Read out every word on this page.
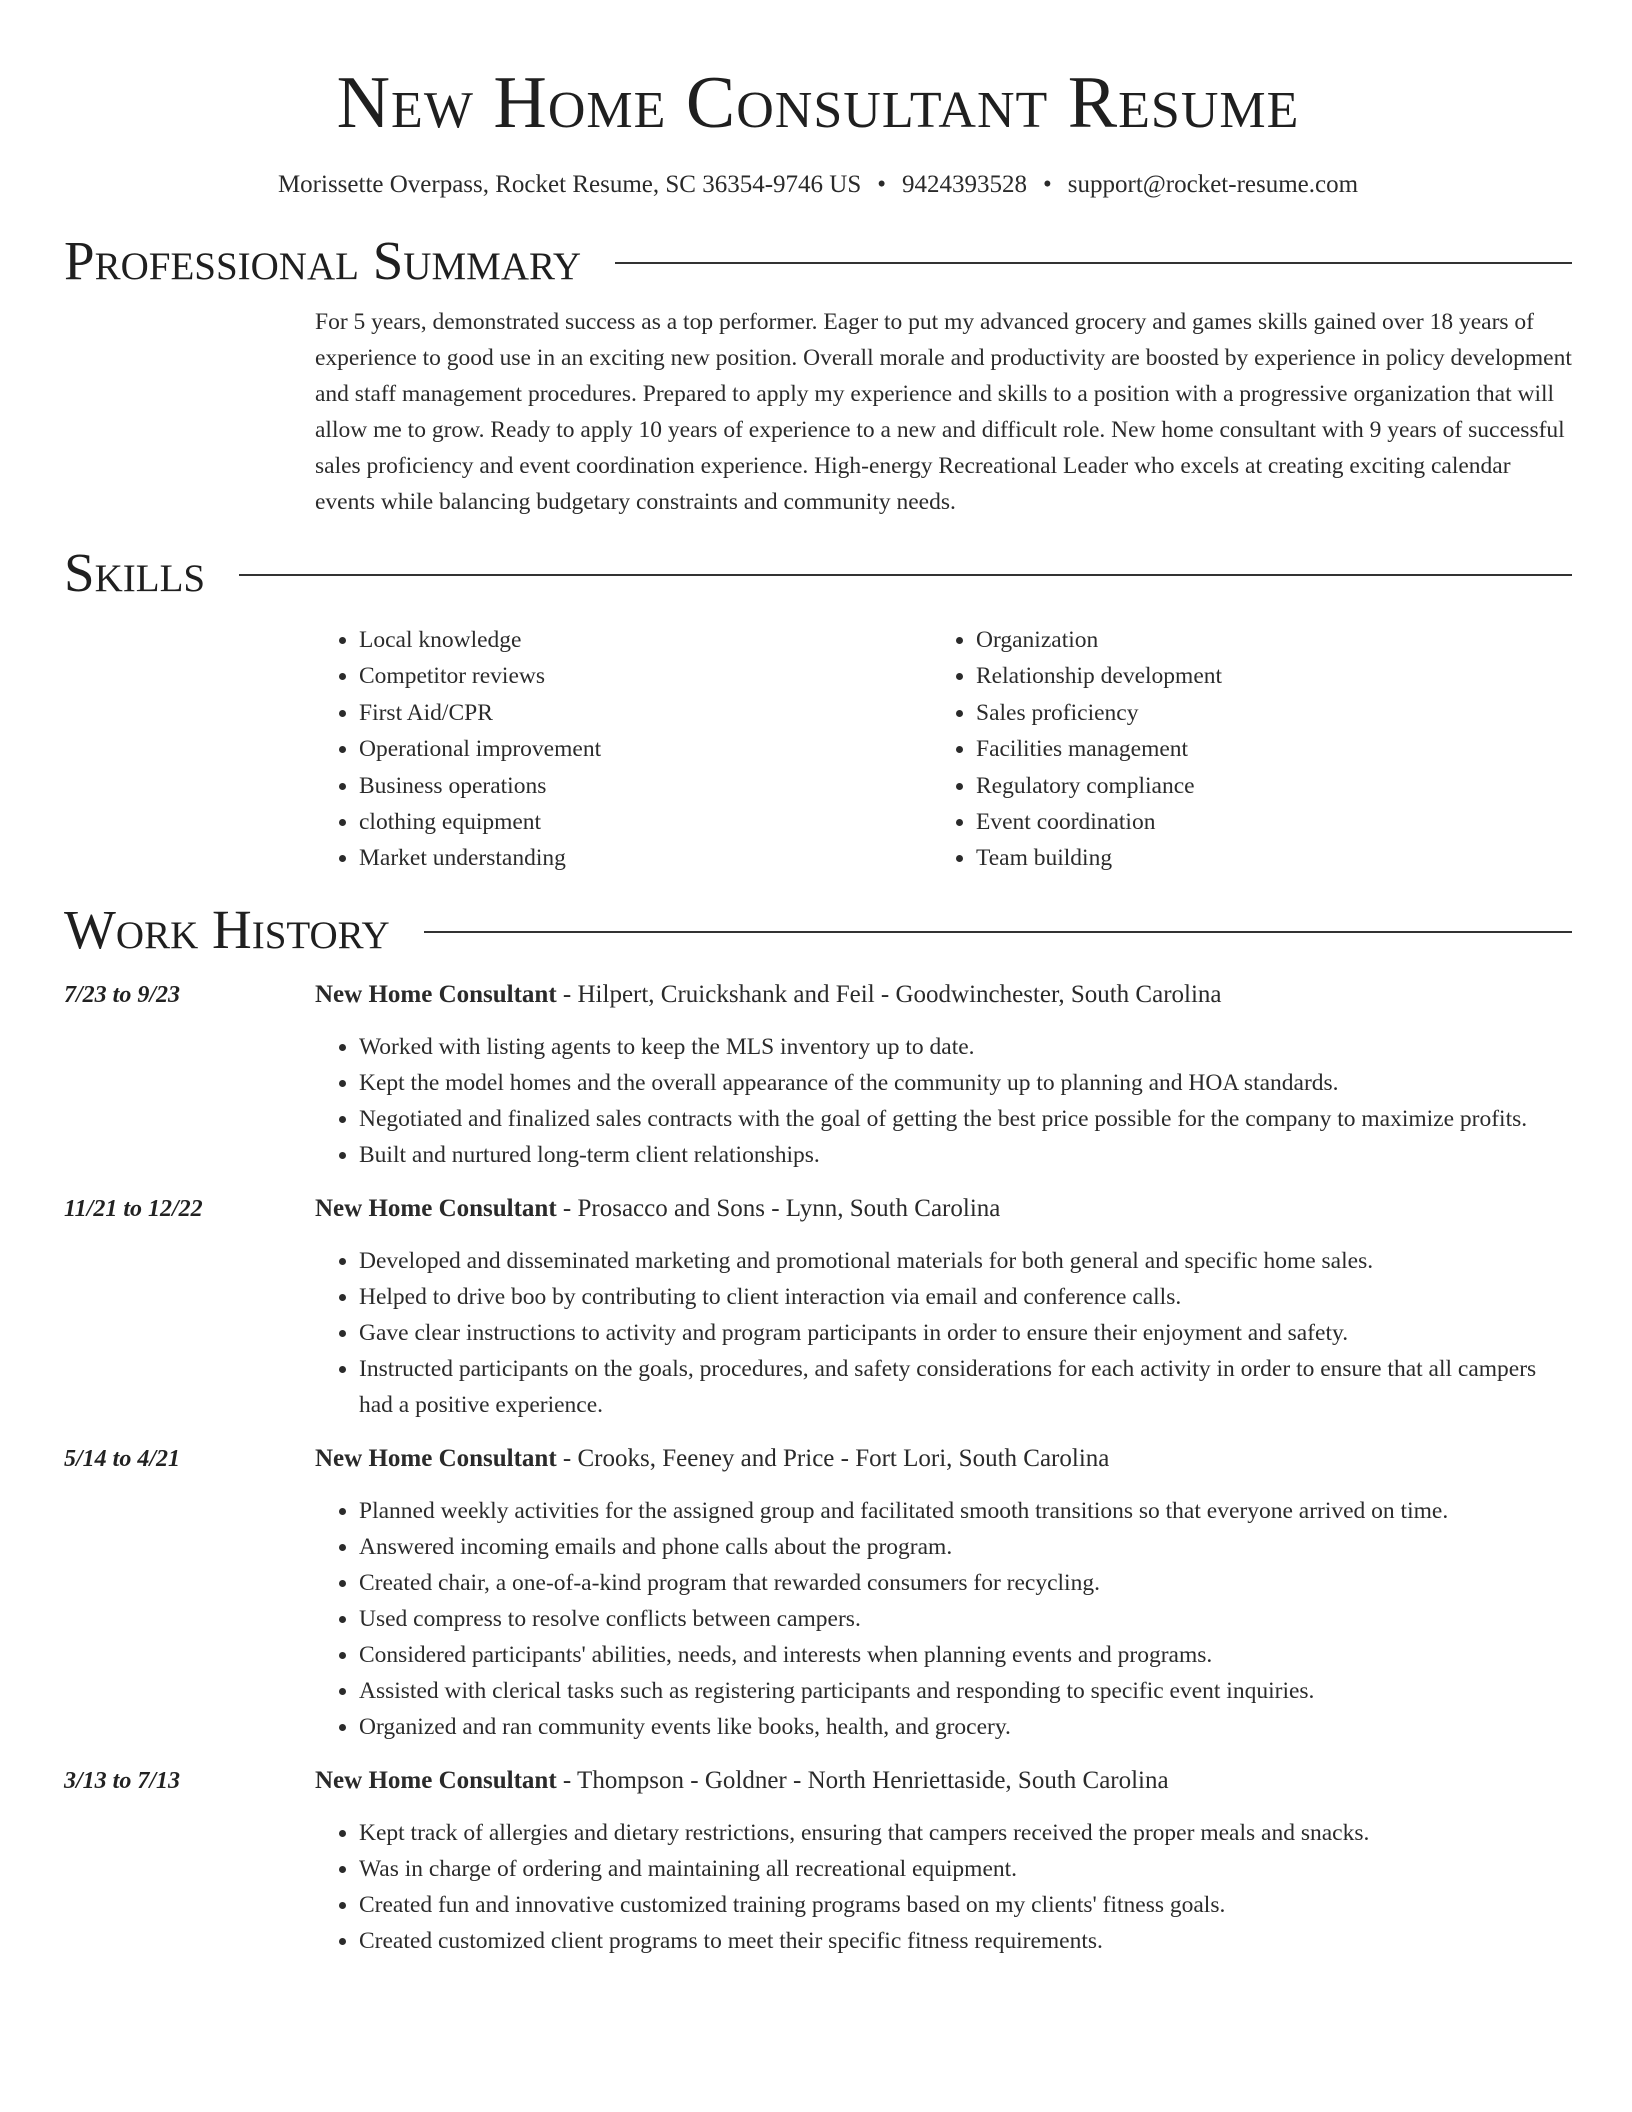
New Home Consultant Resume
Morissette Overpass, Rocket Resume, SC 36354-9746 US • 9424393528 • support@rocket-resume.com
Professional Summary
For 5 years, demonstrated success as a top performer. Eager to put my advanced grocery and games skills gained over 18 years of experience to good use in an exciting new position. Overall morale and productivity are boosted by experience in policy development and staff management procedures. Prepared to apply my experience and skills to a position with a progressive organization that will allow me to grow. Ready to apply 10 years of experience to a new and difficult role. New home consultant with 9 years of successful sales proficiency and event coordination experience. High-energy Recreational Leader who excels at creating exciting calendar events while balancing budgetary constraints and community needs.
Skills
• Local knowledge
• Competitor reviews
• First Aid/CPR
• Operational improvement
• Business operations
• clothing equipment
• Market understanding
• Organization
• Relationship development
• Sales proficiency
• Facilities management
• Regulatory compliance
• Event coordination
• Team building
Work History
7/23 to 9/23	New Home Consultant - Hilpert, Cruickshank and Feil - Goodwinchester, South Carolina
• Worked with listing agents to keep the MLS inventory up to date.
• Kept the model homes and the overall appearance of the community up to planning and HOA standards.
• Negotiated and finalized sales contracts with the goal of getting the best price possible for the company to maximize profits.
• Built and nurtured long-term client relationships.
11/21 to 12/22	New Home Consultant - Prosacco and Sons - Lynn, South Carolina
• Developed and disseminated marketing and promotional materials for both general and specific home sales.
• Helped to drive boo by contributing to client interaction via email and conference calls.
• Gave clear instructions to activity and program participants in order to ensure their enjoyment and safety.
• Instructed participants on the goals, procedures, and safety considerations for each activity in order to ensure that all campers had a positive experience.
5/14 to 4/21	New Home Consultant - Crooks, Feeney and Price - Fort Lori, South Carolina
• Planned weekly activities for the assigned group and facilitated smooth transitions so that everyone arrived on time.
• Answered incoming emails and phone calls about the program.
• Created chair, a one-of-a-kind program that rewarded consumers for recycling.
• Used compress to resolve conflicts between campers.
• Considered participants' abilities, needs, and interests when planning events and programs.
• Assisted with clerical tasks such as registering participants and responding to specific event inquiries.
• Organized and ran community events like books, health, and grocery.
3/13 to 7/13	New Home Consultant - Thompson - Goldner - North Henriettaside, South Carolina
• Kept track of allergies and dietary restrictions, ensuring that campers received the proper meals and snacks.
• Was in charge of ordering and maintaining all recreational equipment.
• Created fun and innovative customized training programs based on my clients' fitness goals.
• Created customized client programs to meet their specific fitness requirements.
